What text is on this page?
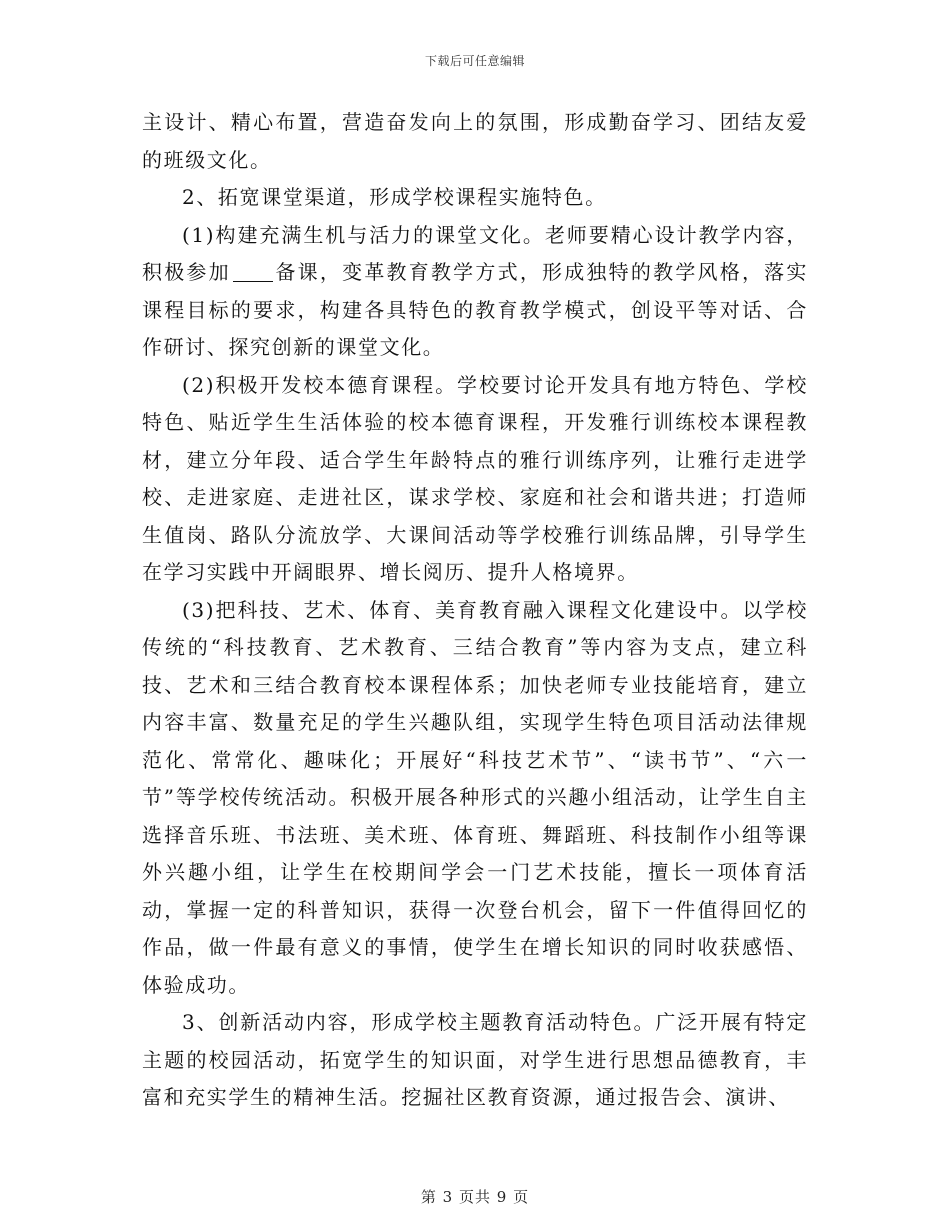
下载后可任意编辑

主设计、精心布置，营造奋发向上的氛围，形成勤奋学习、团结友爱的班级文化。

2、拓宽课堂渠道，形成学校课程实施特色。

(1)构建充满生机与活力的课堂文化。老师要精心设计教学内容，积极参加 备课，变革教育教学方式，形成独特的教学风格，落实课程目标的要求，构建各具特色的教育教学模式，创设平等对话、合作研讨、探究创新的课堂文化。

(2)积极开发校本德育课程。学校要讨论开发具有地方特色、学校特色、贴近学生生活体验的校本德育课程，开发雅行训练校本课程教材，建立分年段、适合学生年龄特点的雅行训练序列，让雅行走进学校、走进家庭、走进社区，谋求学校、家庭和社会和谐共进；打造师生值岗、路队分流放学、大课间活动等学校雅行训练品牌，引导学生在学习实践中开阔眼界、增长阅历、提升人格境界。

(3)把科技、艺术、体育、美育教育融入课程文化建设中。以学校传统的“科技教育、艺术教育、三结合教育”等内容为支点，建立科技、艺术和三结合教育校本课程体系；加快老师专业技能培育，建立内容丰富、数量充足的学生兴趣队组，实现学生特色项目活动法律规范化、常常化、趣味化；开展好“科技艺术节”、“读书节”、“六一节”等学校传统活动。积极开展各种形式的兴趣小组活动，让学生自主选择音乐班、书法班、美术班、体育班、舞蹈班、科技制作小组等课外兴趣小组，让学生在校期间学会一门艺术技能，擅长一项体育活动，掌握一定的科普知识，获得一次登台机会，留下一件值得回忆的作品，做一件最有意义的事情，使学生在增长知识的同时收获感悟、体验成功。

3、创新活动内容，形成学校主题教育活动特色。广泛开展有特定主题的校园活动，拓宽学生的知识面，对学生进行思想品德教育，丰富和充实学生的精神生活。挖掘社区教育资源，通过报告会、演讲、

第 3 页共 9 页
